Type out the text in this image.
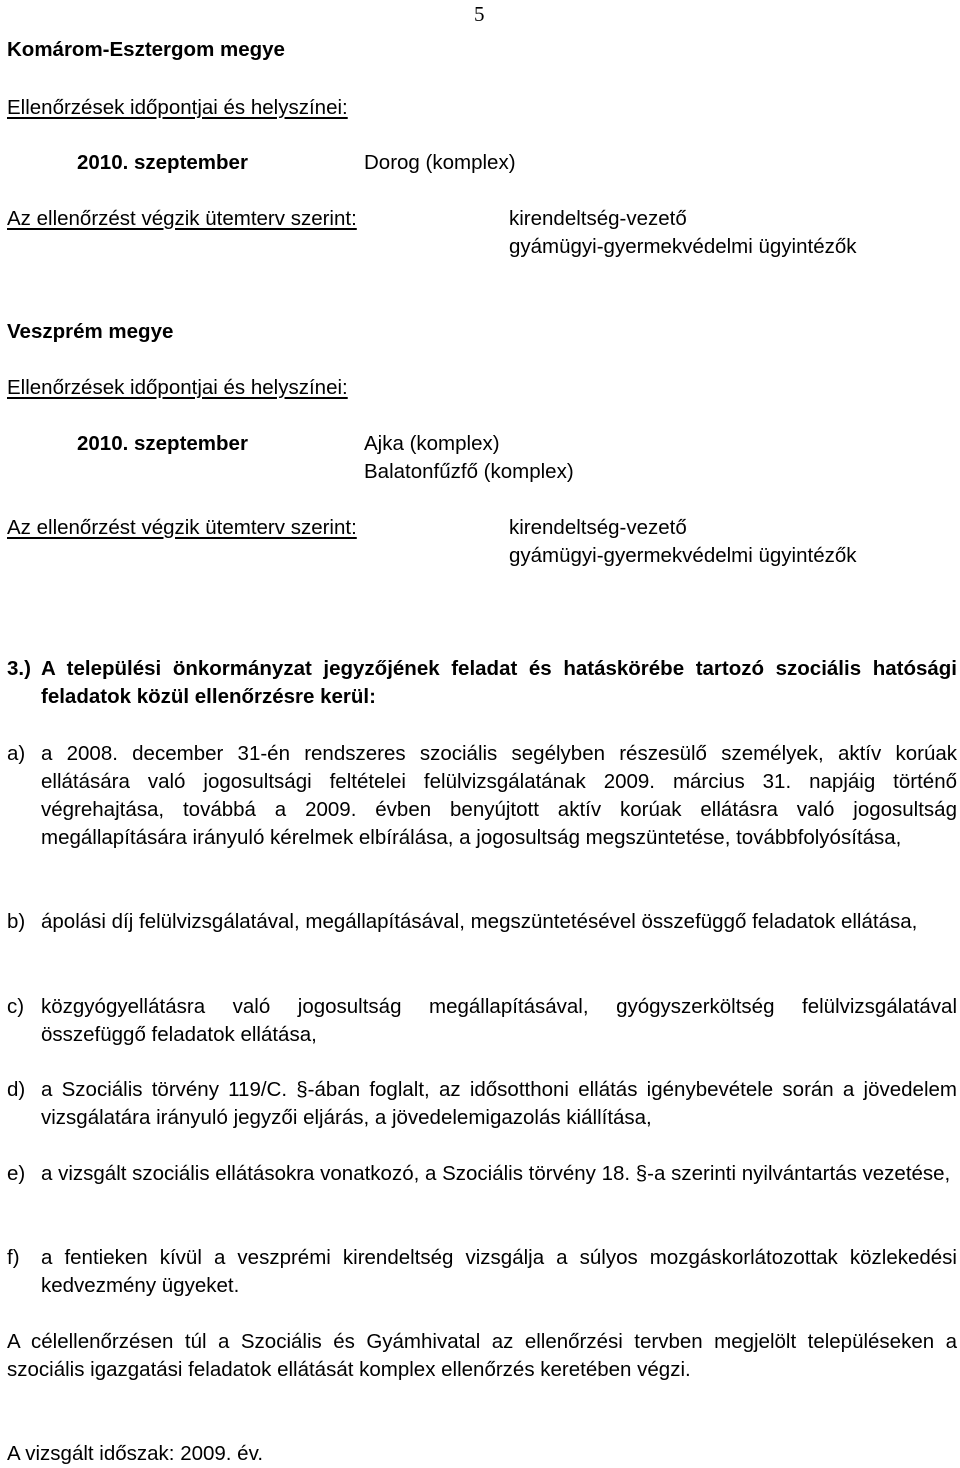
5
Komárom-Esztergom megye
Ellenőrzések időpontjai és helyszínei:
2010. szeptember	Dorog (komplex)
Az ellenőrzést végzik ütemterv szerint:	kirendeltség-vezető
gyámügyi-gyermekvédelmi ügyintézők
Veszprém megye
Ellenőrzések időpontjai és helyszínei:
2010. szeptember	Ajka (komplex)
Balatonfűzfő (komplex)
Az ellenőrzést végzik ütemterv szerint:	kirendeltség-vezető
gyámügyi-gyermekvédelmi ügyintézők
3.) A települési önkormányzat jegyzőjének feladat és hatáskörébe tartozó szociális hatósági feladatok közül ellenőrzésre kerül:
a) a 2008. december 31-én rendszeres szociális segélyben részesülő személyek, aktív korúak ellátására való jogosultsági feltételei felülvizsgálatának 2009. március 31. napjáig történő végrehajtása, továbbá a 2009. évben benyújtott aktív korúak ellátásra való jogosultság megállapítására irányuló kérelmek elbírálása, a jogosultság megszüntetése, továbbfolyósítása,
b) ápolási díj felülvizsgálatával, megállapításával, megszüntetésével összefüggő feladatok ellátása,
c) közgyógyellátásra való jogosultság megállapításával, gyógyszerköltség felülvizsgálatával összefüggő feladatok ellátása,
d) a Szociális törvény 119/C. §-ában foglalt, az idősotthoni ellátás igénybevétele során a jövedelem vizsgálatára irányuló jegyzői eljárás, a jövedelemigazolás kiállítása,
e) a vizsgált szociális ellátásokra vonatkozó, a Szociális törvény 18. §-a szerinti nyilvántartás vezetése,
f) a fentieken kívül a veszprémi kirendeltség vizsgálja a súlyos mozgáskorlátozottak közlekedési kedvezmény ügyeket.
A célellenőrzésen túl a Szociális és Gyámhivatal az ellenőrzési tervben megjelölt településeken a szociális igazgatási feladatok ellátását komplex ellenőrzés keretében végzi.
A vizsgált időszak: 2009. év.
